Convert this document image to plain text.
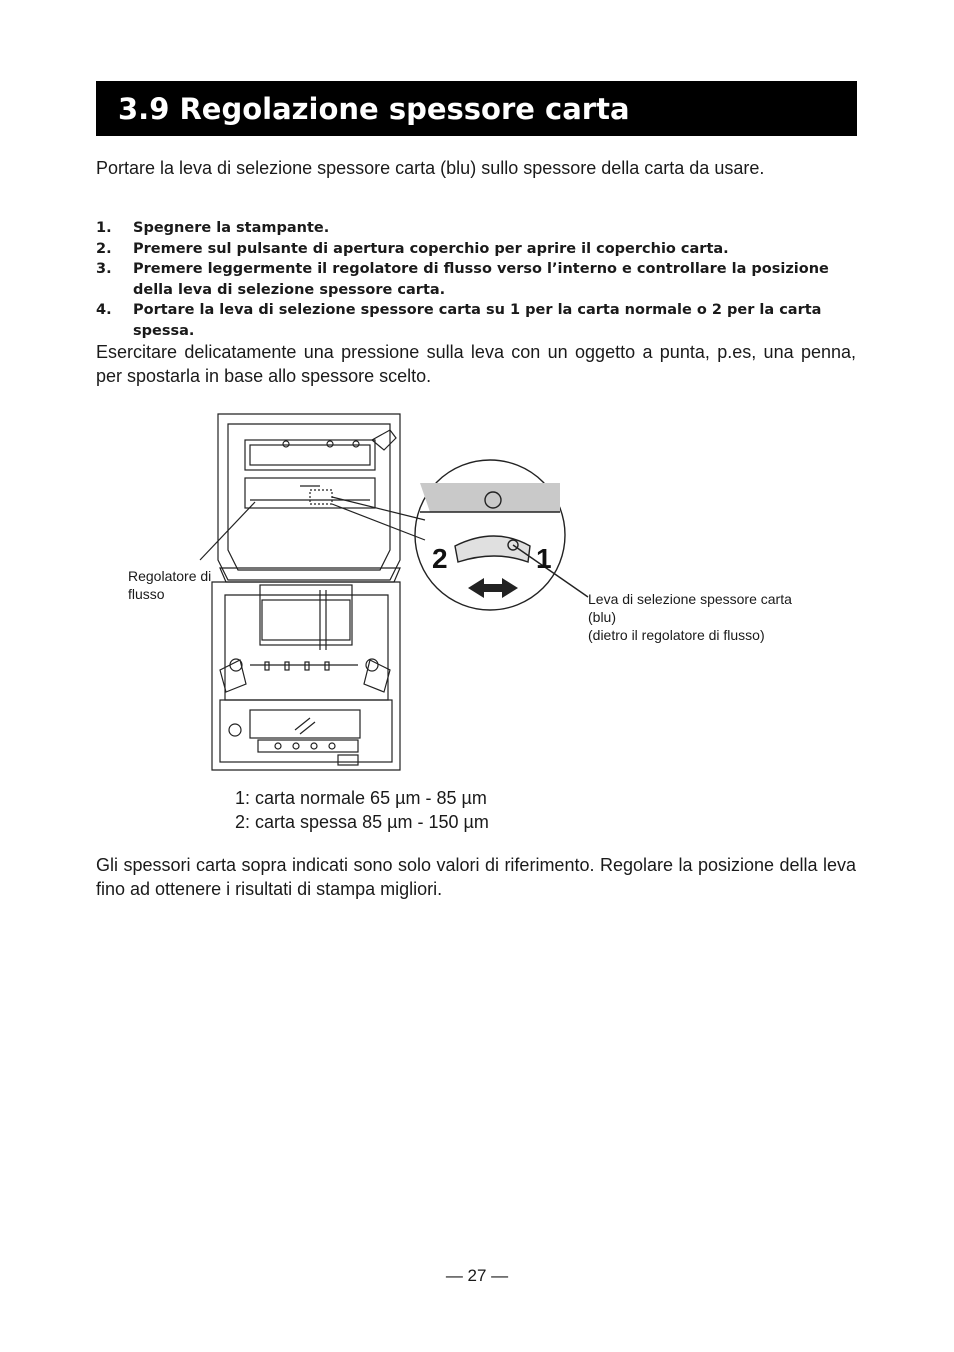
3.9 Regolazione spessore carta

Portare la leva di selezione spessore carta (blu) sullo spessore della carta da usare.

1. Spegnere la stampante.
2. Premere sul pulsante di apertura coperchio per aprire il coperchio carta.
3. Premere leggermente il regolatore di flusso verso l’interno e controllare la posizione della leva di selezione spessore carta.
4. Portare la leva di selezione spessore carta su 1 per la carta normale o 2 per la carta spessa.

Esercitare delicatamente una pressione sulla leva con un oggetto a punta, p.es, una penna, per spostarla in base allo spessore scelto.

2	1
Regolatore di
flusso	Leva di selezione spessore carta
(blu)
(dietro il regolatore di flusso)
1: carta normale 65 µm - 85 µm
2: carta spessa 85 µm - 150 µm

Gli spessori carta sopra indicati sono solo valori di riferimento. Regolare la posizione della leva fino ad ottenere i risultati di stampa migliori.

— 27 —
